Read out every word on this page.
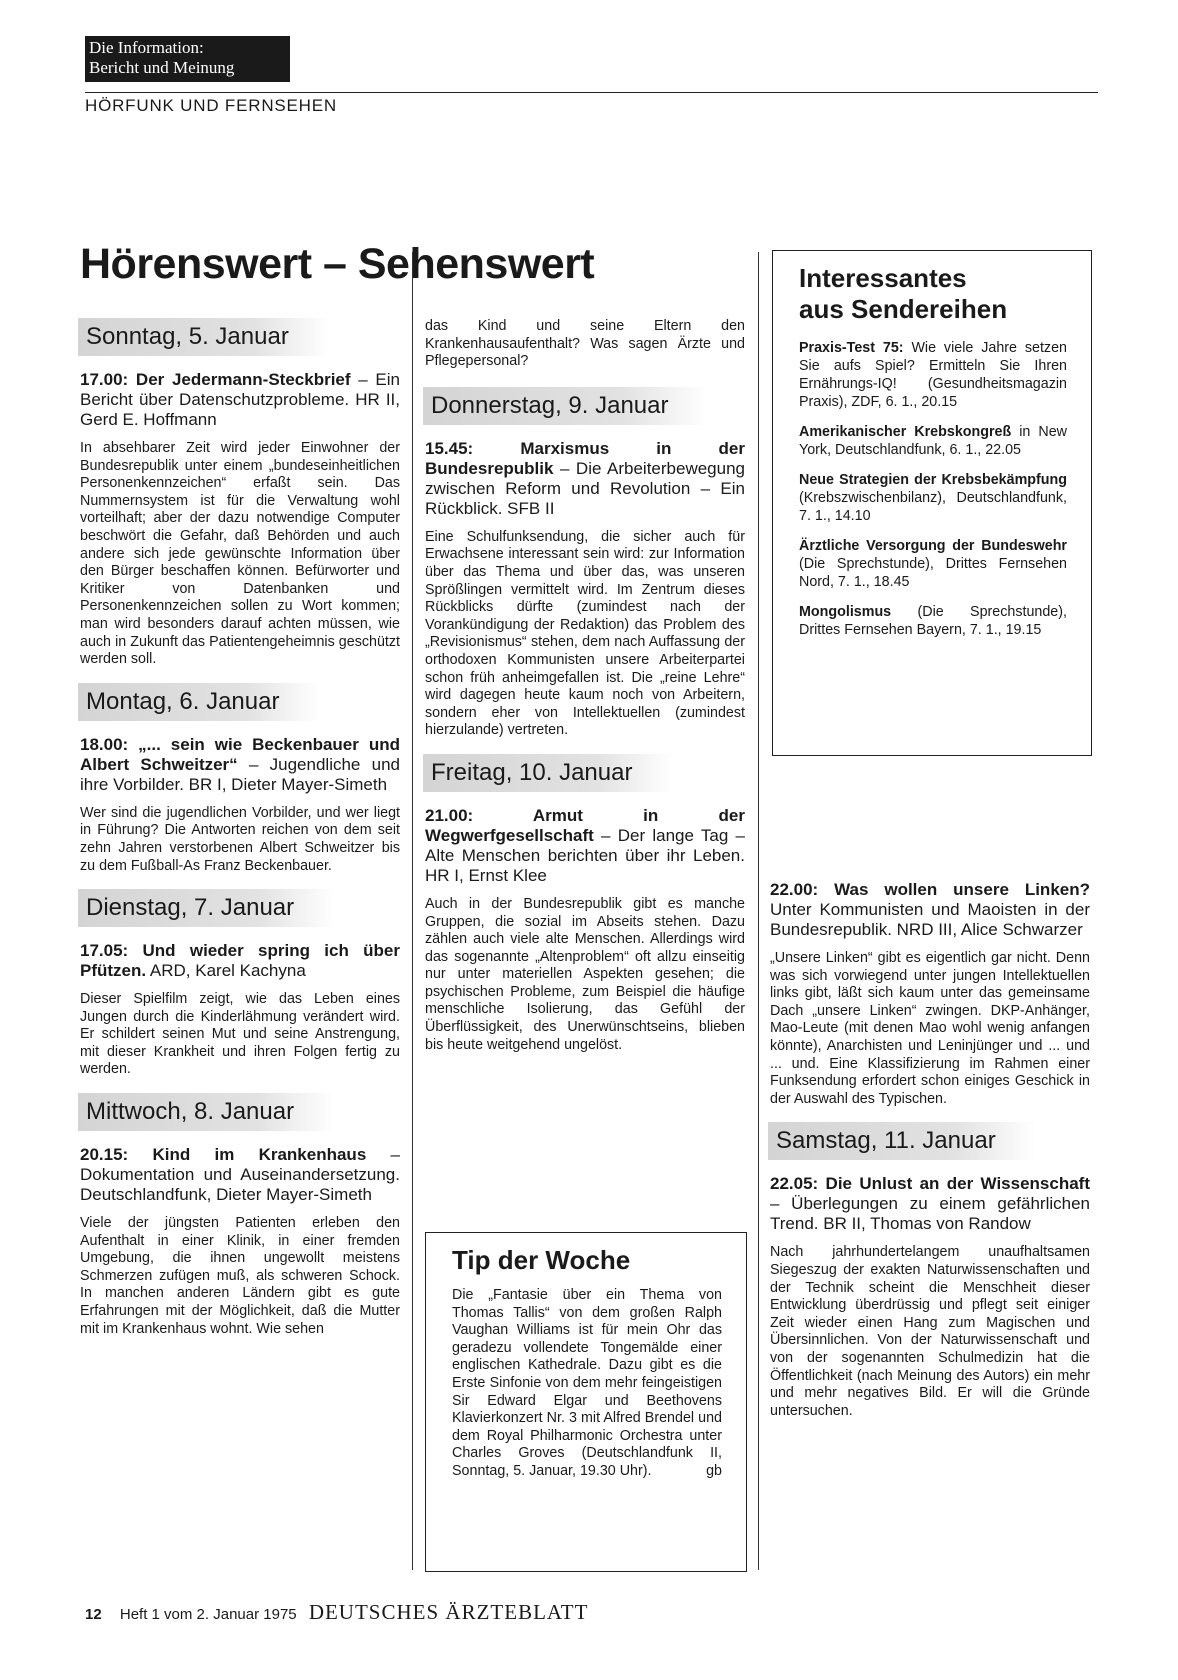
Die Information:
Bericht und Meinung
HÖRFUNK UND FERNSEHEN
Hörenswert – Sehenswert
Sonntag, 5. Januar

17.00: Der Jedermann-Steckbrief – Ein Bericht über Datenschutzprobleme. HR II, Gerd E. Hoffmann

In absehbarer Zeit wird jeder Einwohner der Bundesrepublik unter einem „bundeseinheitlichen Personenkennzeichen“ erfaßt sein. Das Nummernsystem ist für die Verwaltung wohl vorteilhaft; aber der dazu notwendige Computer beschwört die Gefahr, daß Behörden und auch andere sich jede gewünschte Information über den Bürger beschaffen können. Befürworter und Kritiker von Datenbanken und Personenkennzeichen sollen zu Wort kommen; man wird besonders darauf achten müssen, wie auch in Zukunft das Patientengeheimnis geschützt werden soll.

Montag, 6. Januar

18.00: „... sein wie Beckenbauer und Albert Schweitzer“ – Jugendliche und ihre Vorbilder. BR I, Dieter Mayer-Simeth

Wer sind die jugendlichen Vorbilder, und wer liegt in Führung? Die Antworten reichen von dem seit zehn Jahren verstorbenen Albert Schweitzer bis zu dem Fußball-As Franz Beckenbauer.

Dienstag, 7. Januar

17.05: Und wieder spring ich über Pfützen. ARD, Karel Kachyna

Dieser Spielfilm zeigt, wie das Leben eines Jungen durch die Kinderlähmung verändert wird. Er schildert seinen Mut und seine Anstrengung, mit dieser Krankheit und ihren Folgen fertig zu werden.

Mittwoch, 8. Januar

20.15: Kind im Krankenhaus – Dokumentation und Auseinandersetzung. Deutschlandfunk, Dieter Mayer-Simeth

Viele der jüngsten Patienten erleben den Aufenthalt in einer Klinik, in einer fremden Umgebung, die ihnen ungewollt meistens Schmerzen zufügen muß, als schweren Schock. In manchen anderen Ländern gibt es gute Erfahrungen mit der Möglichkeit, daß die Mutter mit im Krankenhaus wohnt. Wie sehen

das Kind und seine Eltern den Krankenhausaufenthalt? Was sagen Ärzte und Pflegepersonal?

Donnerstag, 9. Januar

15.45: Marxismus in der Bundesrepublik – Die Arbeiterbewegung zwischen Reform und Revolution – Ein Rückblick. SFB II

Eine Schulfunksendung, die sicher auch für Erwachsene interessant sein wird: zur Information über das Thema und über das, was unseren Sprößlingen vermittelt wird. Im Zentrum dieses Rückblicks dürfte (zumindest nach der Vorankündigung der Redaktion) das Problem des „Revisionismus“ stehen, dem nach Auffassung der orthodoxen Kommunisten unsere Arbeiterpartei schon früh anheimgefallen ist. Die „reine Lehre“ wird dagegen heute kaum noch von Arbeitern, sondern eher von Intellektuellen (zumindest hierzulande) vertreten.

Freitag, 10. Januar

21.00: Armut in der Wegwerfgesellschaft – Der lange Tag – Alte Menschen berichten über ihr Leben. HR I, Ernst Klee

Auch in der Bundesrepublik gibt es manche Gruppen, die sozial im Abseits stehen. Dazu zählen auch viele alte Menschen. Allerdings wird das sogenannte „Altenproblem“ oft allzu einseitig nur unter materiellen Aspekten gesehen; die psychischen Probleme, zum Beispiel die häufige menschliche Isolierung, das Gefühl der Überflüssigkeit, des Unerwünschtseins, blieben bis heute weitgehend ungelöst.

Interessantes
aus Sendereihen

Praxis-Test 75: Wie viele Jahre setzen Sie aufs Spiel? Ermitteln Sie Ihren Ernährungs-IQ! (Gesundheitsmagazin Praxis), ZDF, 6. 1., 20.15

Amerikanischer Krebskongreß in New York, Deutschlandfunk, 6. 1., 22.05

Neue Strategien der Krebsbekämpfung (Krebszwischenbilanz), Deutschlandfunk, 7. 1., 14.10

Ärztliche Versorgung der Bundeswehr (Die Sprechstunde), Drittes Fernsehen Nord, 7. 1., 18.45

Mongolismus (Die Sprechstunde), Drittes Fernsehen Bayern, 7. 1., 19.15

22.00: Was wollen unsere Linken? Unter Kommunisten und Maoisten in der Bundesrepublik. NRD III, Alice Schwarzer

„Unsere Linken“ gibt es eigentlich gar nicht. Denn was sich vorwiegend unter jungen Intellektuellen links gibt, läßt sich kaum unter das gemeinsame Dach „unsere Linken“ zwingen. DKP-Anhänger, Mao-Leute (mit denen Mao wohl wenig anfangen könnte), Anarchisten und Leninjünger und ... und ... und. Eine Klassifizierung im Rahmen einer Funksendung erfordert schon einiges Geschick in der Auswahl des Typischen.

Samstag, 11. Januar

22.05: Die Unlust an der Wissenschaft – Überlegungen zu einem gefährlichen Trend. BR II, Thomas von Randow

Nach jahrhundertelangem unaufhaltsamen Siegeszug der exakten Naturwissenschaften und der Technik scheint die Menschheit dieser Entwicklung überdrüssig und pflegt seit einiger Zeit wieder einen Hang zum Magischen und Übersinnlichen. Von der Naturwissenschaft und von der sogenannten Schulmedizin hat die Öffentlichkeit (nach Meinung des Autors) ein mehr und mehr negatives Bild. Er will die Gründe untersuchen.

Tip der Woche

Die „Fantasie über ein Thema von Thomas Tallis“ von dem großen Ralph Vaughan Williams ist für mein Ohr das geradezu vollendete Tongemälde einer englischen Kathedrale. Dazu gibt es die Erste Sinfonie von dem mehr feingeistigen Sir Edward Elgar und Beethovens Klavierkonzert Nr. 3 mit Alfred Brendel und dem Royal Philharmonic Orchestra unter Charles Groves (Deutschlandfunk II, Sonntag, 5. Januar, 19.30 Uhr).	gb

12 Heft 1 vom 2. Januar 1975 DEUTSCHES ÄRZTEBLATT
